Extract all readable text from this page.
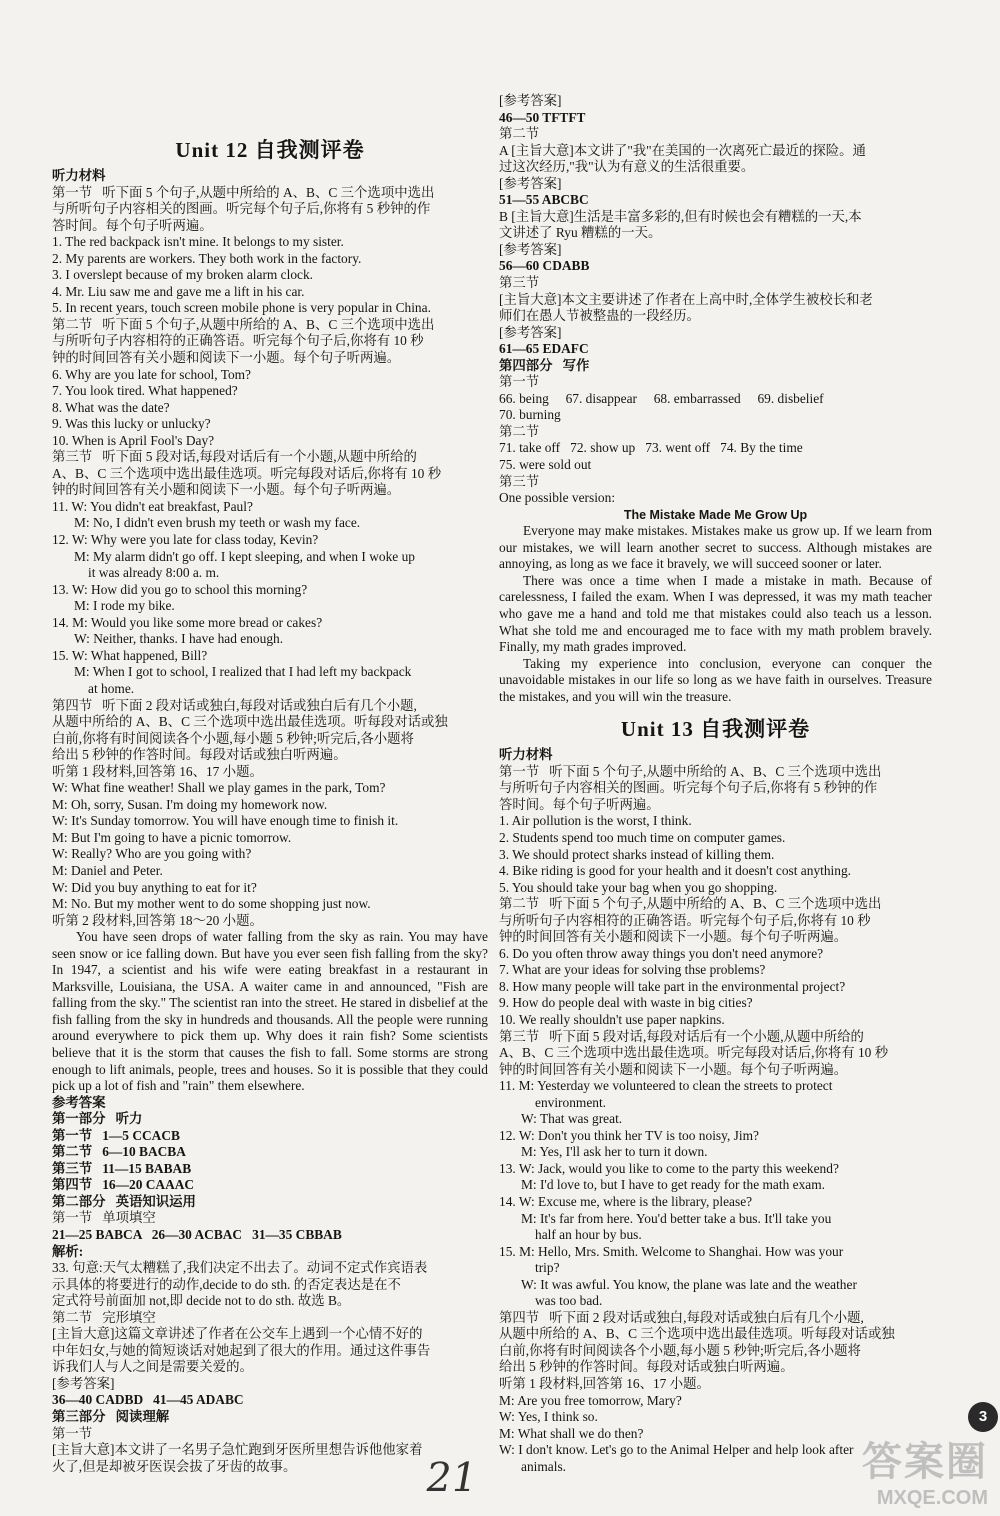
Unit 12 自我测评卷
听力材料
第一节   听下面 5 个句子,从题中所给的 A、B、C 三个选项中选出
与所听句子内容相关的图画。听完每个句子后,你将有 5 秒钟的作
答时间。每个句子听两遍。
1. The red backpack isn't mine. It belongs to my sister.
2. My parents are workers. They both work in the factory.
3. I overslept because of my broken alarm clock.
4. Mr. Liu saw me and gave me a lift in his car.
5. In recent years, touch screen mobile phone is very popular in China.
第二节   听下面 5 个句子,从题中所给的 A、B、C 三个选项中选出
与所听句子内容相符的正确答语。听完每个句子后,你将有 10 秒
钟的时间回答有关小题和阅读下一小题。每个句子听两遍。
6. Why are you late for school, Tom?
7. You look tired. What happened?
8. What was the date?
9. Was this lucky or unlucky?
10. When is April Fool's Day?
第三节   听下面 5 段对话,每段对话后有一个小题,从题中所给的
A、B、C 三个选项中选出最佳选项。听完每段对话后,你将有 10 秒
钟的时间回答有关小题和阅读下一小题。每个句子听两遍。
11. W: You didn't eat breakfast, Paul?
M: No, I didn't even brush my teeth or wash my face.
12. W: Why were you late for class today, Kevin?
M: My alarm didn't go off. I kept sleeping, and when I woke up
it was already 8:00 a. m.
13. W: How did you go to school this morning?
M: I rode my bike.
14. M: Would you like some more bread or cakes?
W: Neither, thanks. I have had enough.
15. W: What happened, Bill?
M: When I got to school, I realized that I had left my backpack
at home.
第四节   听下面 2 段对话或独白,每段对话或独白后有几个小题,
从题中所给的 A、B、C 三个选项中选出最佳选项。听每段对话或独
白前,你将有时间阅读各个小题,每小题 5 秒钟;听完后,各小题将
给出 5 秒钟的作答时间。每段对话或独白听两遍。
听第 1 段材料,回答第 16、17 小题。
W: What fine weather! Shall we play games in the park, Tom?
M: Oh, sorry, Susan. I'm doing my homework now.
W: It's Sunday tomorrow. You will have enough time to finish it.
M: But I'm going to have a picnic tomorrow.
W: Really? Who are you going with?
M: Daniel and Peter.
W: Did you buy anything to eat for it?
M: No. But my mother went to do some shopping just now.
听第 2 段材料,回答第 18～20 小题。
You have seen drops of water falling from the sky as rain. You may have seen snow or ice falling down. But have you ever seen fish falling from the sky? In 1947, a scientist and his wife were eating breakfast in a restaurant in Marksville, Louisiana, the USA. A waiter came in and announced, "Fish are falling from the sky." The scientist ran into the street. He stared in disbelief at the fish falling from the sky in hundreds and thousands. All the people were running around everywhere to pick them up. Why does it rain fish? Some scientists believe that it is the storm that causes the fish to fall. Some storms are strong enough to lift animals, people, trees and houses. So it is possible that they could pick up a lot of fish and "rain" them elsewhere.
参考答案
第一部分   听力
第一节   1—5 CCACB
第二节   6—10 BACBA
第三节   11—15 BABAB
第四节   16—20 CAAAC
第二部分   英语知识运用
第一节   单项填空
21—25 BABCA   26—30 ACBAC   31—35 CBBAB
解析:
33. 句意:天气太糟糕了,我们决定不出去了。动词不定式作宾语表
示具体的将要进行的动作,decide to do sth. 的否定表达是在不
定式符号前面加 not,即 decide not to do sth. 故选 B。
第二节   完形填空
[主旨大意]这篇文章讲述了作者在公交车上遇到一个心情不好的
中年妇女,与她的简短谈话对她起到了很大的作用。通过这件事告
诉我们人与人之间是需要关爱的。
[参考答案]
36—40 CADBD   41—45 ADABC
第三部分   阅读理解
第一节
[主旨大意]本文讲了一名男子急忙跑到牙医所里想告诉他他家着
火了,但是却被牙医误会拔了牙齿的故事。
[参考答案]
46—50 TFTFT
第二节
A [主旨大意]本文讲了"我"在美国的一次离死亡最近的探险。通
过这次经历,"我"认为有意义的生活很重要。
[参考答案]
51—55 ABCBC
B [主旨大意]生活是丰富多彩的,但有时候也会有糟糕的一天,本
文讲述了 Ryu 糟糕的一天。
[参考答案]
56—60 CDABB
第三节
[主旨大意]本文主要讲述了作者在上高中时,全体学生被校长和老
师们在愚人节被整蛊的一段经历。
[参考答案]
61—65 EDAFC
第四部分   写作
第一节
66. being     67. disappear     68. embarrassed     69. disbelief
70. burning
第二节
71. take off   72. show up   73. went off   74. By the time
75. were sold out
第三节
One possible version:
The Mistake Made Me Grow Up
Everyone may make mistakes. Mistakes make us grow up. If we learn from our mistakes, we will learn another secret to success. Although mistakes are annoying, as long as we face it bravely, we will succeed sooner or later.
There was once a time when I made a mistake in math. Because of carelessness, I failed the exam. When I was depressed, it was my math teacher who gave me a hand and told me that mistakes could also teach us a lesson. What she told me and encouraged me to face with my math problem bravely. Finally, my math grades improved.
Taking my experience into conclusion, everyone can conquer the unavoidable mistakes in our life so long as we have faith in ourselves. Treasure the mistakes, and you will win the treasure.
Unit 13 自我测评卷
听力材料
第一节   听下面 5 个句子,从题中所给的 A、B、C 三个选项中选出
与所听句子内容相关的图画。听完每个句子后,你将有 5 秒钟的作
答时间。每个句子听两遍。
1. Air pollution is the worst, I think.
2. Students spend too much time on computer games.
3. We should protect sharks instead of killing them.
4. Bike riding is good for your health and it doesn't cost anything.
5. You should take your bag when you go shopping.
第二节   听下面 5 个句子,从题中所给的 A、B、C 三个选项中选出
与所听句子内容相符的正确答语。听完每个句子后,你将有 10 秒
钟的时间回答有关小题和阅读下一小题。每个句子听两遍。
6. Do you often throw away things you don't need anymore?
7. What are your ideas for solving thse problems?
8. How many people will take part in the environmental project?
9. How do people deal with waste in big cities?
10. We really shouldn't use paper napkins.
第三节   听下面 5 段对话,每段对话后有一个小题,从题中所给的
A、B、C 三个选项中选出最佳选项。听完每段对话后,你将有 10 秒
钟的时间回答有关小题和阅读下一小题。每个句子听两遍。
11. M: Yesterday we volunteered to clean the streets to protect
environment.
W: That was great.
12. W: Don't you think her TV is too noisy, Jim?
M: Yes, I'll ask her to turn it down.
13. W: Jack, would you like to come to the party this weekend?
M: I'd love to, but I have to get ready for the math exam.
14. W: Excuse me, where is the library, please?
M: It's far from here. You'd better take a bus. It'll take you
half an hour by bus.
15. M: Hello, Mrs. Smith. Welcome to Shanghai. How was your
trip?
W: It was awful. You know, the plane was late and the weather
was too bad.
第四节   听下面 2 段对话或独白,每段对话或独白后有几个小题,
从题中所给的 A、B、C 三个选项中选出最佳选项。听每段对话或独
白前,你将有时间阅读各个小题,每小题 5 秒钟;听完后,各小题将
给出 5 秒钟的作答时间。每段对话或独白听两遍。
听第 1 段材料,回答第 16、17 小题。
M: Are you free tomorrow, Mary?
W: Yes, I think so.
M: What shall we do then?
W: I don't know. Let's go to the Animal Helper and help look after
animals.
3
21	答案圈
MXQE.COM
